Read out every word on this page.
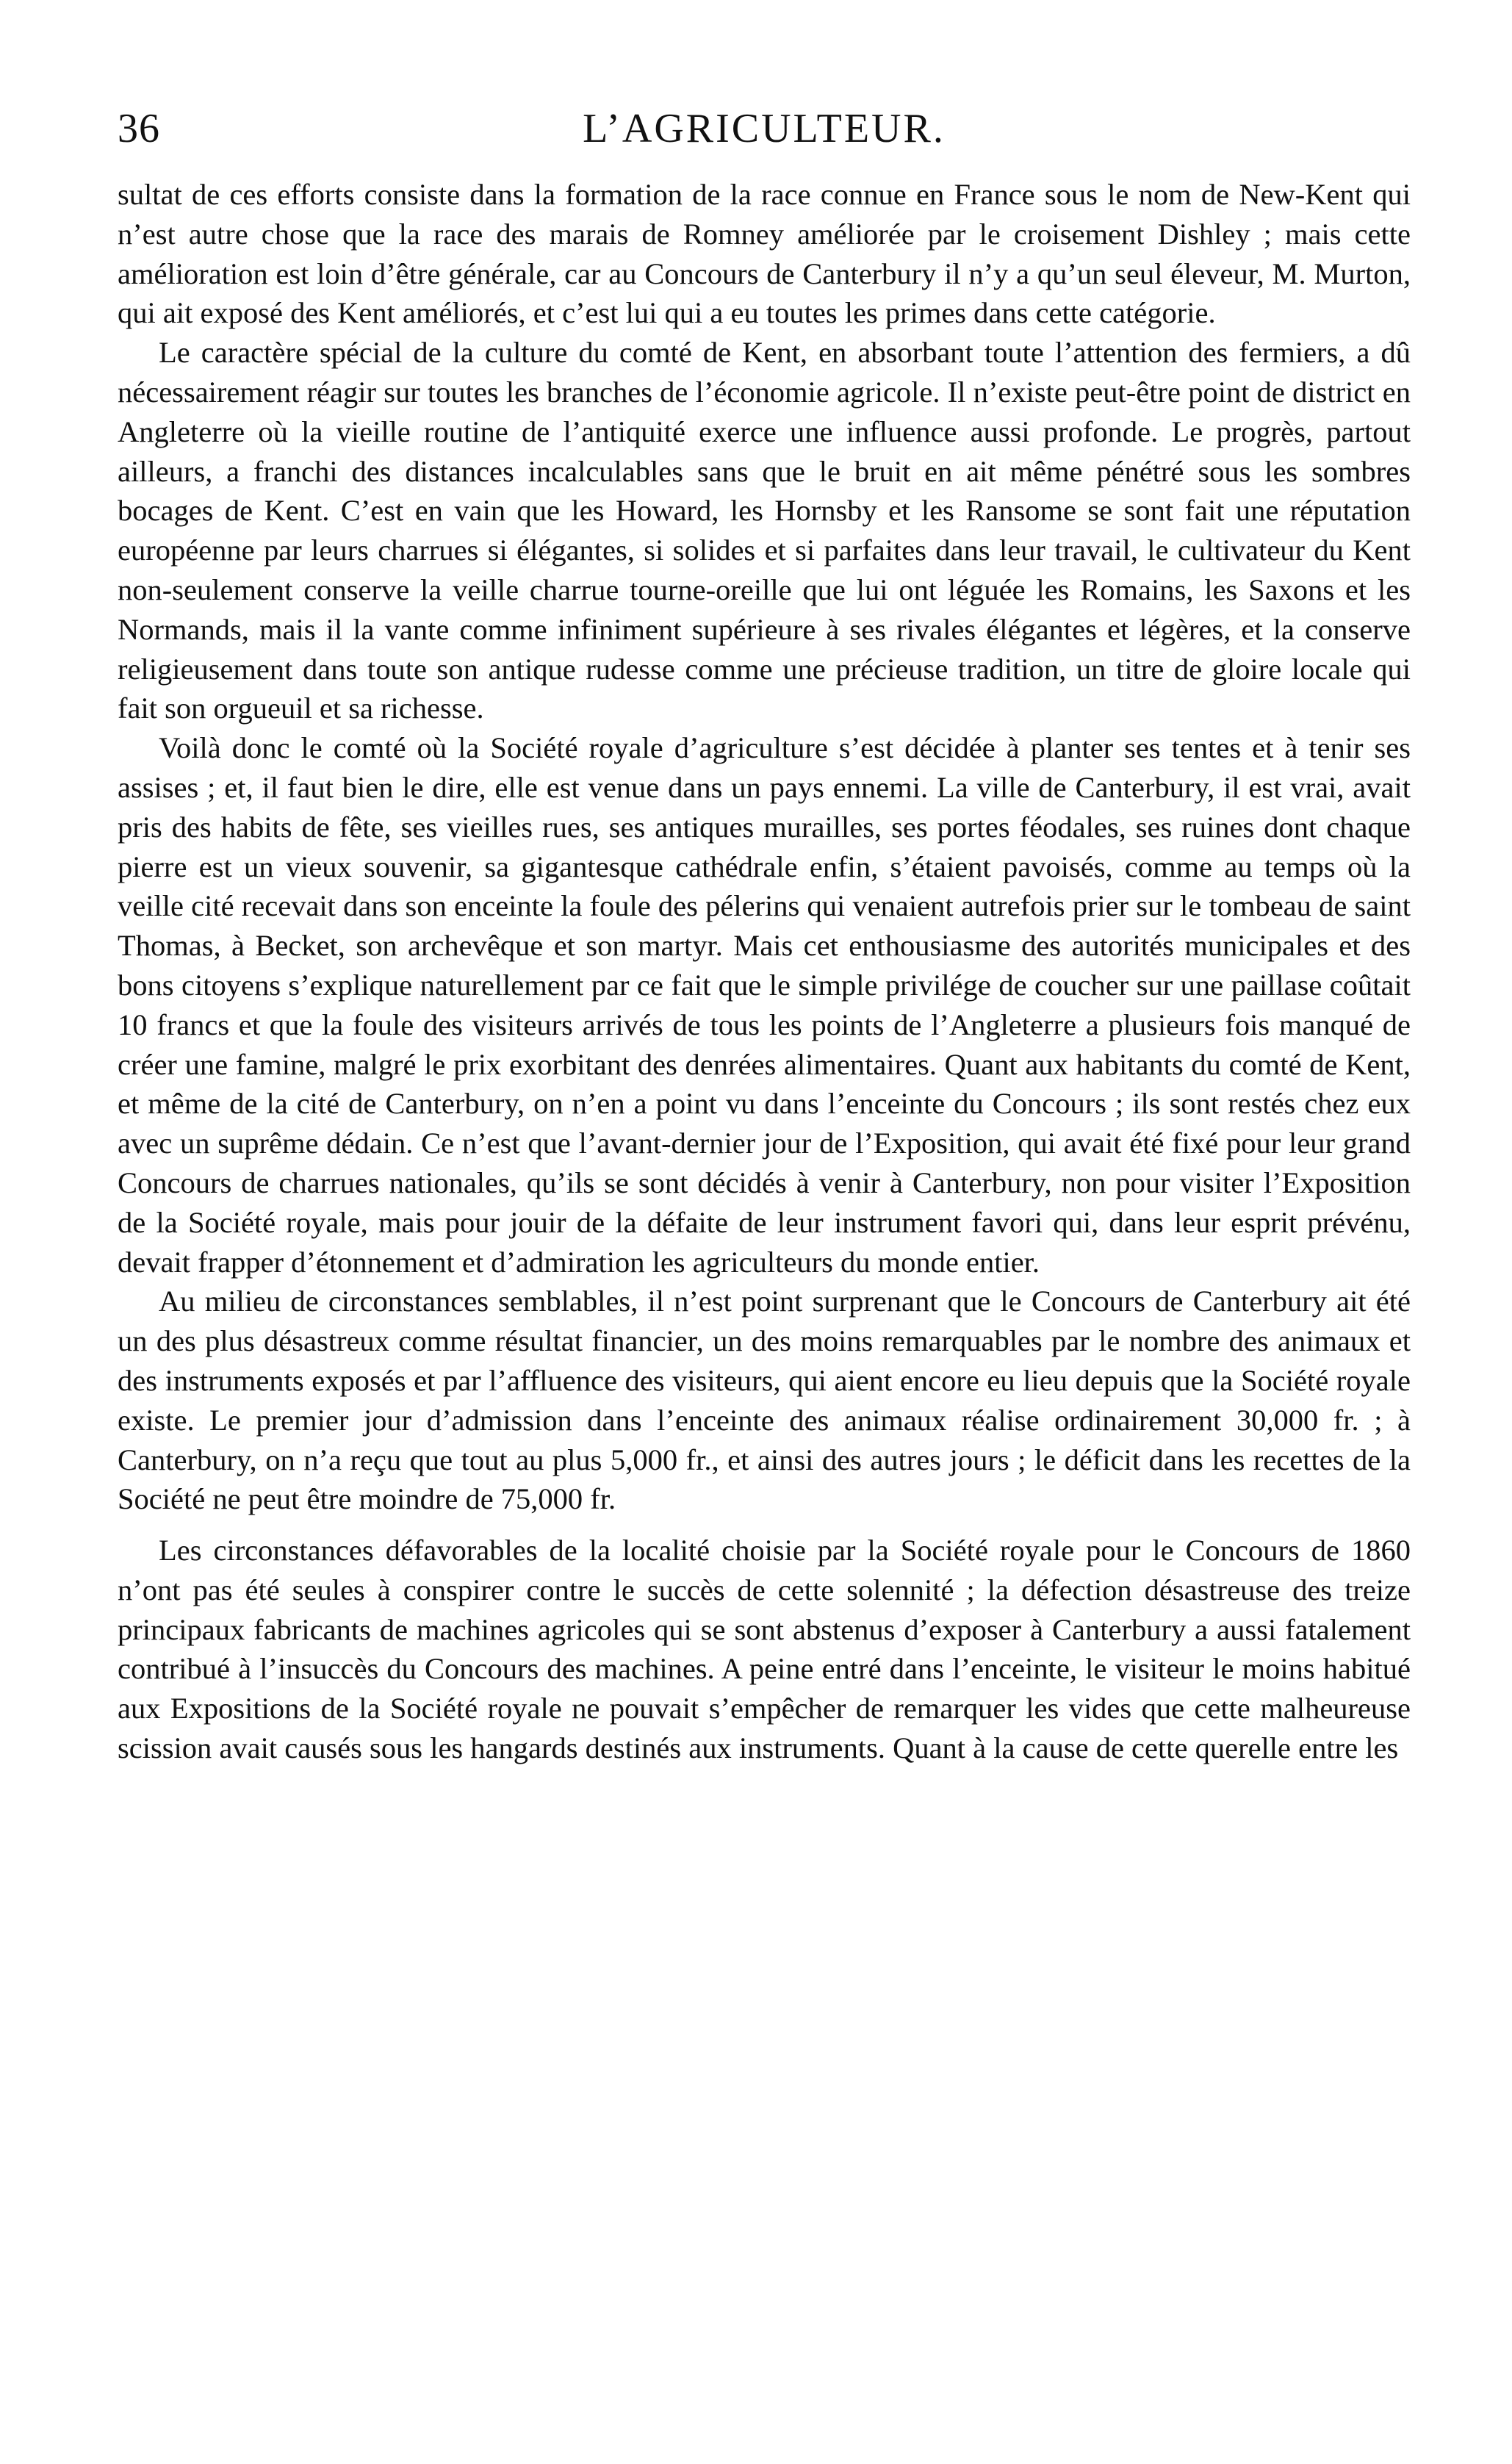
36	L’AGRICULTEUR.

sultat de ces efforts consiste dans la formation de la race connue en France sous le nom de New-Kent qui n’est autre chose que la race des marais de Romney améliorée par le croisement Dishley ; mais cette amélioration est loin d’être générale, car au Concours de Canterbury il n’y a qu’un seul éleveur, M. Murton, qui ait exposé des Kent améliorés, et c’est lui qui a eu toutes les primes dans cette catégorie.

Le caractère spécial de la culture du comté de Kent, en absorbant toute l’attention des fermiers, a dû nécessairement réagir sur toutes les branches de l’économie agricole. Il n’existe peut-être point de district en Angleterre où la vieille routine de l’antiquité exerce une influence aussi profonde. Le progrès, partout ailleurs, a franchi des distances incalculables sans que le bruit en ait même pénétré sous les sombres bocages de Kent. C’est en vain que les Howard, les Hornsby et les Ransome se sont fait une réputation européenne par leurs charrues si élégantes, si solides et si parfaites dans leur travail, le cultivateur du Kent non-seulement conserve la veille charrue tourne-oreille que lui ont léguée les Romains, les Saxons et les Normands, mais il la vante comme infiniment supérieure à ses rivales élégantes et légères, et la conserve religieusement dans toute son antique rudesse comme une précieuse tradition, un titre de gloire locale qui fait son orgueuil et sa richesse.

Voilà donc le comté où la Société royale d’agriculture s’est décidée à planter ses tentes et à tenir ses assises ; et, il faut bien le dire, elle est venue dans un pays ennemi. La ville de Canterbury, il est vrai, avait pris des habits de fête, ses vieilles rues, ses antiques murailles, ses portes féodales, ses ruines dont chaque pierre est un vieux souvenir, sa gigantesque cathédrale enfin, s’étaient pavoisés, comme au temps où la veille cité recevait dans son enceinte la foule des pélerins qui venaient autrefois prier sur le tombeau de saint Thomas, à Becket, son archevêque et son martyr. Mais cet enthousiasme des autorités municipales et des bons citoyens s’explique naturellement par ce fait que le simple privilége de coucher sur une paillase coûtait 10 francs et que la foule des visiteurs arrivés de tous les points de l’Angleterre a plusieurs fois manqué de créer une famine, malgré le prix exorbitant des denrées alimentaires. Quant aux habitants du comté de Kent, et même de la cité de Canterbury, on n’en a point vu dans l’enceinte du Concours ; ils sont restés chez eux avec un suprême dédain. Ce n’est que l’avant-dernier jour de l’Exposition, qui avait été fixé pour leur grand Concours de charrues nationales, qu’ils se sont décidés à venir à Canterbury, non pour visiter l’Exposition de la Société royale, mais pour jouir de la défaite de leur instrument favori qui, dans leur esprit prévénu, devait frapper d’étonnement et d’admiration les agriculteurs du monde entier.

Au milieu de circonstances semblables, il n’est point surprenant que le Concours de Canterbury ait été un des plus désastreux comme résultat financier, un des moins remarquables par le nombre des animaux et des instruments exposés et par l’affluence des visiteurs, qui aient encore eu lieu depuis que la Société royale existe. Le premier jour d’admission dans l’enceinte des animaux réalise ordinairement 30,000 fr. ; à Canterbury, on n’a reçu que tout au plus 5,000 fr., et ainsi des autres jours ; le déficit dans les recettes de la Société ne peut être moindre de 75,000 fr.

Les circonstances défavorables de la localité choisie par la Société royale pour le Concours de 1860 n’ont pas été seules à conspirer contre le succès de cette solennité ; la défection désastreuse des treize principaux fabricants de machines agricoles qui se sont abstenus d’exposer à Canterbury a aussi fatalement contribué à l’insuccès du Concours des machines. A peine entré dans l’enceinte, le visiteur le moins habitué aux Expositions de la Société royale ne pouvait s’empêcher de remarquer les vides que cette malheureuse scission avait causés sous les hangards destinés aux instruments. Quant à la cause de cette querelle entre les
